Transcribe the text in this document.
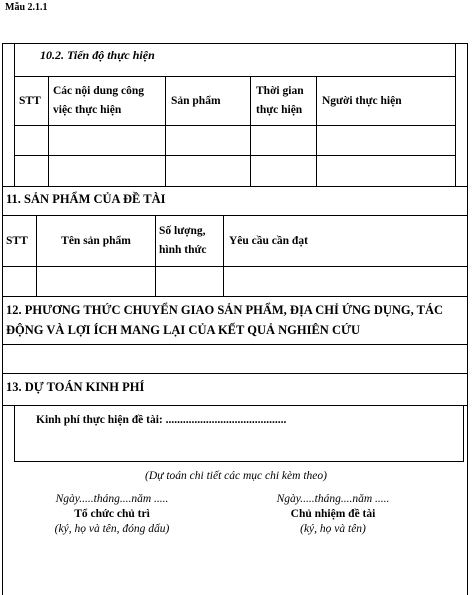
Mẫu 2.1.1
10.2. Tiến độ thực hiện
STT
Các nội dung công việc thực hiện
Sản phẩm
Thời gian thực hiện
Người thực hiện
11. SẢN PHẨM CỦA ĐỀ TÀI
STT	Tên sản phẩm
Số lượng, hình thức
Yêu cầu cần đạt
12. PHƯƠNG THỨC CHUYỂN GIAO SẢN PHẨM, ĐỊA CHỈ ỨNG DỤNG, TÁC ĐỘNG VÀ LỢI ÍCH MANG LẠI CỦA KẾT QUẢ NGHIÊN CỨU
13. DỰ TOÁN KINH PHÍ
Kinh phí thực hiện đề tài: ..........................................
(Dự toán chi tiết các mục chi kèm theo)
Ngày.....tháng....năm .....
Tổ chức chủ trì
(ký, họ và tên, đóng dấu)
Ngày.....tháng....năm .....
Chủ nhiệm đề tài
(ký, họ và tên)
